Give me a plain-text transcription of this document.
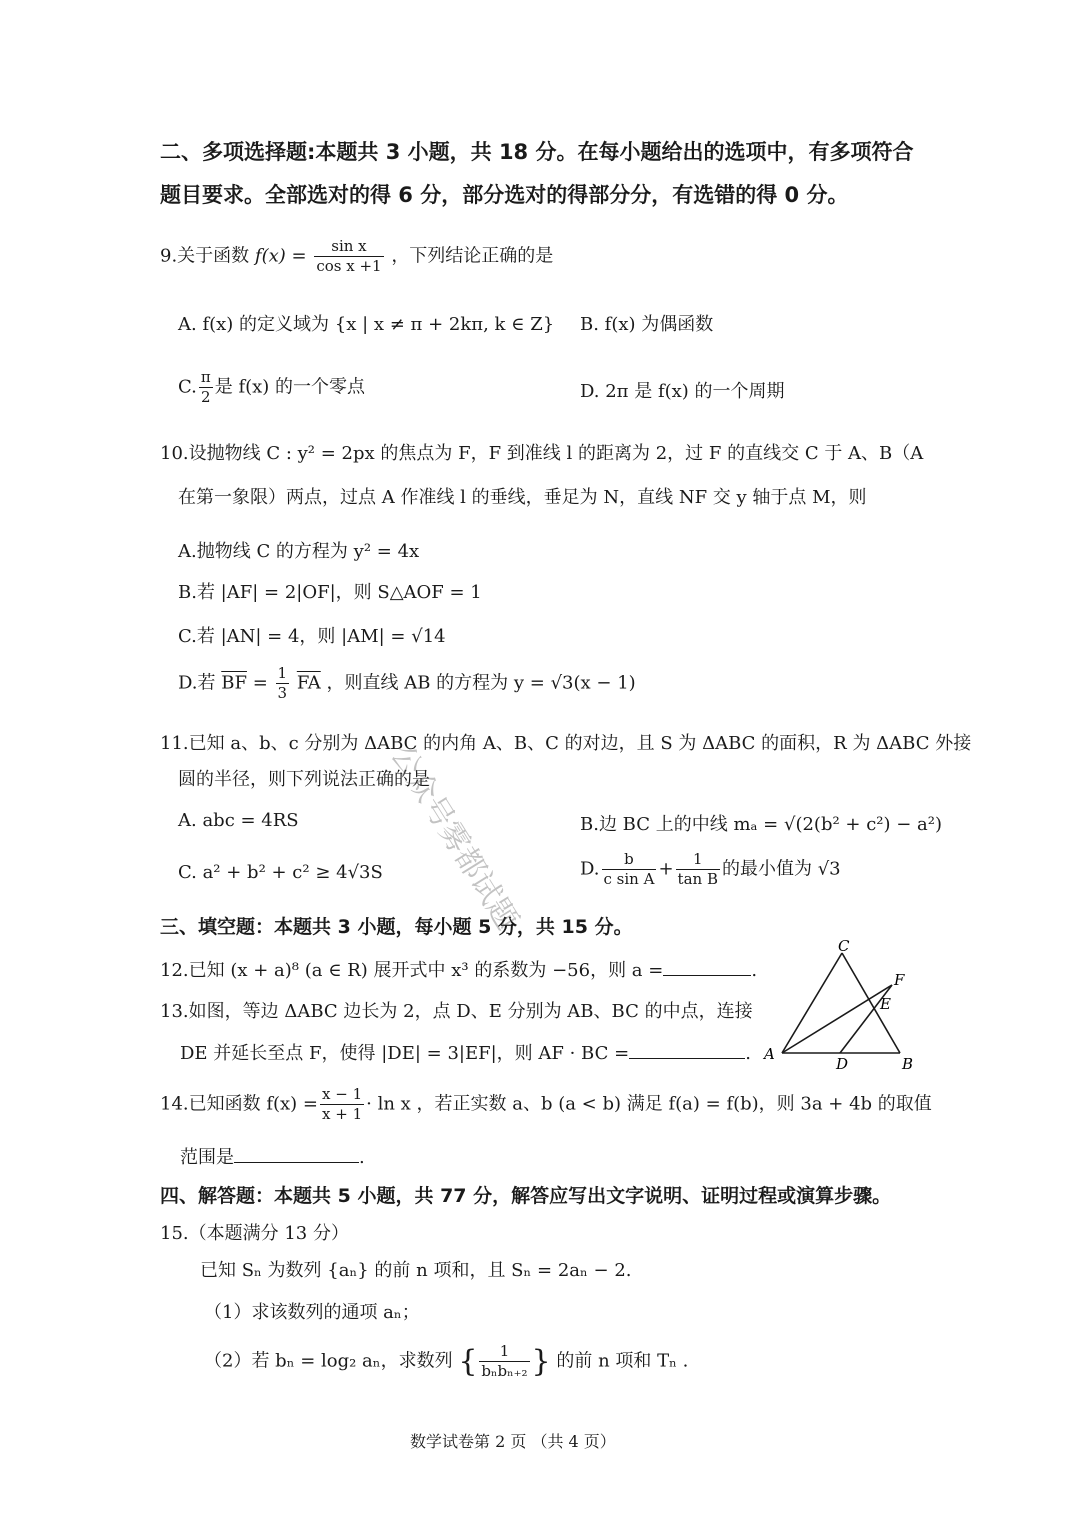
二、多项选择题:本题共 3 小题，共 18 分。在每小题给出的选项中，有多项符合
题目要求。全部选对的得 6 分，部分选对的得部分分，有选错的得 0 分。
9.关于函数 $f(x) = \frac{\text{sin x}}{\text{cos x +1}}$ ，下列结论正确的是
A. f(x) 的定义域为 {x | x ≠ π + 2kπ, k ∈ Z} B. f(x) 为偶函数
C. $\frac{\pi}{2}$ 是 f(x) 的一个零点	D. 2π 是 f(x) 的一个周期
10.设抛物线 C : y² = 2px 的焦点为 F，F 到准线 l 的距离为 2，过 F 的直线交 C 于 A、B（A
在第一象限）两点，过点 A 作准线 l 的垂线，垂足为 N，直线 NF 交 y 轴于点 M，则
A.抛物线 C 的方程为 y² = 4x
B.若 |AF| = 2|OF|，则 S△AOF = 1
C.若 |AN| = 4，则 |AM| = √14
D.若 $\overline{BF} = \frac{1}{3} \overline{FA}$ ，则直线 AB 的方程为 y = √3(x − 1)
11.已知 a、b、c 分别为 ΔABC 的内角 A、B、C 的对边，且 S 为 ΔABC 的面积，R 为 ΔABC 外接
圆的半径，则下列说法正确的是
A. abc = 4RS	B.边 BC 上的中线 mₐ = √(2(b² + c²) − a²)
C. a² + b² + c² ≥ 4√3S	D. $\frac{b}{\text{c sin A}} + \frac{1}{\text{tan B}}$ 的最小值为 √3
三、填空题：本题共 3 小题，每小题 5 分，共 15 分。
12.已知 (x + a)⁸ (a ∈ R) 展开式中 x³ 的系数为 −56，则 a =	.
13.如图，等边 ΔABC 边长为 2，点 D、E 分别为 AB、BC 的中点，连接
DE 并延长至点 F，使得 |DE| = 3|EF|，则 AF · BC =	.
C
F
E
A
D	B
14.已知函数 $f(x) = \frac{x - 1}{x + 1} \cdot \ln x$ ，若正实数 a、b (a < b) 满足 f(a) = f(b)，则 3a + 4b 的取值
范围是	.
四、解答题：本题共 5 小题，共 77 分，解答应写出文字说明、证明过程或演算步骤。
15.（本题满分 13 分）
已知 Sₙ 为数列 {aₙ} 的前 n 项和，且 Sₙ = 2aₙ − 2.
（1）求该数列的通项 aₙ；
（2）若 bₙ = log₂ aₙ，求数列 { $\frac{1}{\text{bₙbₙ₊₂}}$ } 的前 n 项和 Tₙ .
公众号雾都试题
数学试卷第 2 页 （共 4 页）
